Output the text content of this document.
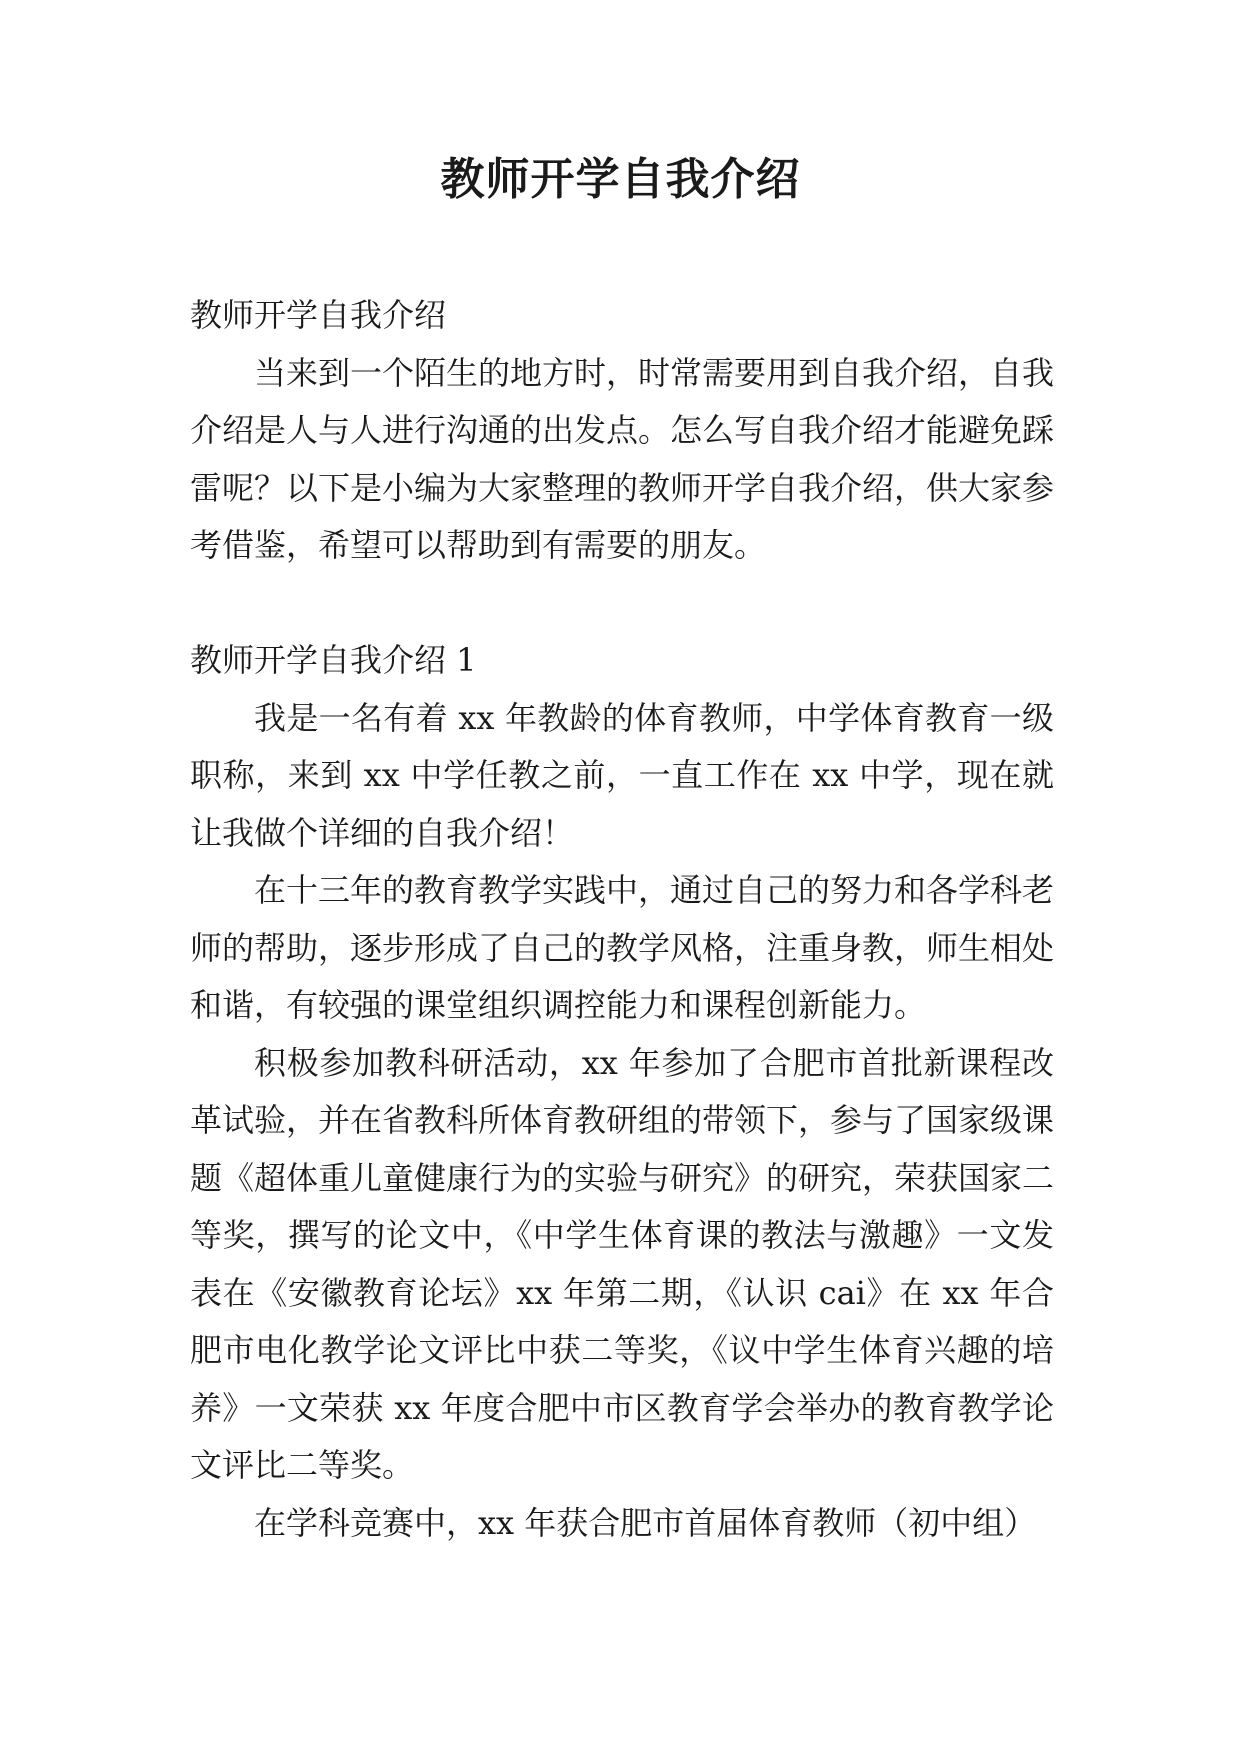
教师开学自我介绍

教师开学自我介绍

当来到一个陌生的地方时，时常需要用到自我介绍，自我介绍是人与人进行沟通的出发点。怎么写自我介绍才能避免踩雷呢？以下是小编为大家整理的教师开学自我介绍，供大家参考借鉴，希望可以帮助到有需要的朋友。

教师开学自我介绍 1

我是一名有着 xx 年教龄的体育教师，中学体育教育一级职称，来到 xx 中学任教之前，一直工作在 xx 中学，现在就让我做个详细的自我介绍！

在十三年的教育教学实践中，通过自己的努力和各学科老师的帮助，逐步形成了自己的教学风格，注重身教，师生相处和谐，有较强的课堂组织调控能力和课程创新能力。

积极参加教科研活动，xx 年参加了合肥市首批新课程改革试验，并在省教科所体育教研组的带领下，参与了国家级课题《超体重儿童健康行为的实验与研究》的研究，荣获国家二等奖，撰写的论文中，《中学生体育课的教法与激趣》一文发表在《安徽教育论坛》xx 年第二期，《认识 cai》在 xx 年合肥市电化教学论文评比中获二等奖，《议中学生体育兴趣的培养》一文荣获 xx 年度合肥中市区教育学会举办的教育教学论文评比二等奖。

在学科竞赛中，xx 年获合肥市首届体育教师（初中组）
